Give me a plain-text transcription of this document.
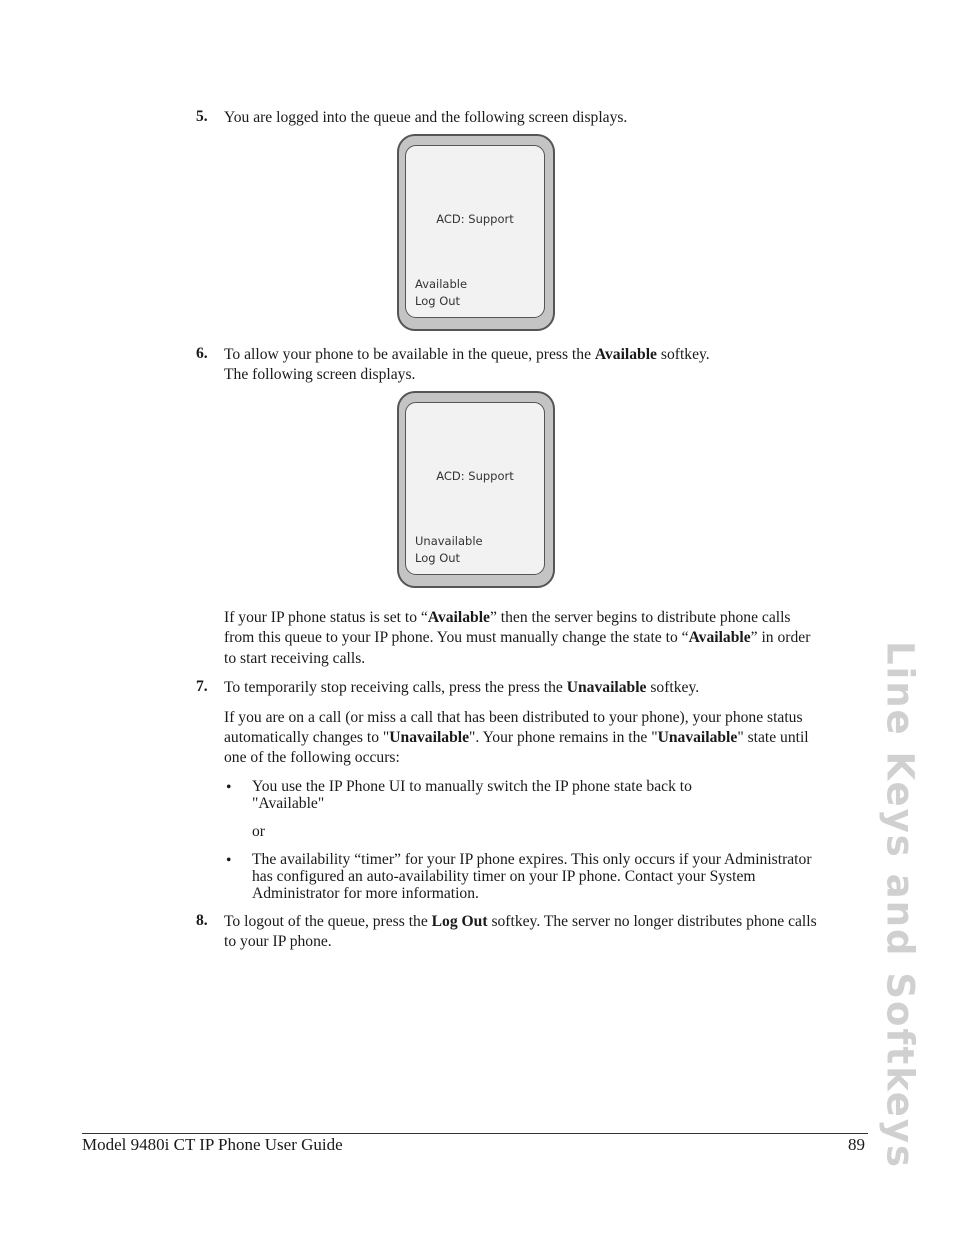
5. You are logged into the queue and the following screen displays.
ACD: Support
Available
Log Out
6. To allow your phone to be available in the queue, press the Available softkey.
The following screen displays.
ACD: Support
Unavailable
Log Out
If your IP phone status is set to “Available” then the server begins to distribute phone calls
from this queue to your IP phone. You must manually change the state to “Available” in order
to start receiving calls.
7. To temporarily stop receiving calls, press the press the Unavailable softkey.
If you are on a call (or miss a call that has been distributed to your phone), your phone status
automatically changes to "Unavailable". Your phone remains in the "Unavailable" state until
one of the following occurs:
• You use the IP Phone UI to manually switch the IP phone state back to
"Available"
or
• The availability “timer” for your IP phone expires. This only occurs if your Administrator
has configured an auto-availability timer on your IP phone. Contact your System
Administrator for more information.
8. To logout of the queue, press the Log Out softkey. The server no longer distributes phone calls
to your IP phone.	Line Keys and Softkeys
Model 9480i CT IP Phone User Guide	89
